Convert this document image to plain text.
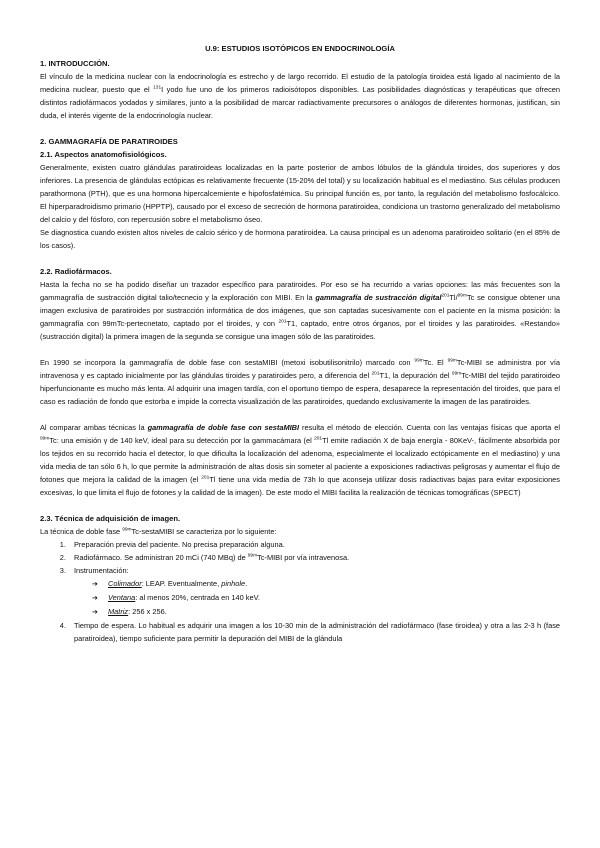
U.9: ESTUDIOS ISOTÓPICOS EN ENDOCRINOLOGÍA
1. INTRODUCCIÓN.

El vínculo de la medicina nuclear con la endocrinología es estrecho y de largo recorrido. El estudio de la patología tiroidea está ligado al nacimiento de la medicina nuclear, puesto que el $^{131}$I yodo fue uno de los primeros radioisótopos disponibles. Las posibilidades diagnósticas y terapéuticas que ofrecen distintos radiofármacos yodados y similares, junto a la posibilidad de marcar radiactivamente precursores o análogos de diferentes hormonas, justifican, sin duda, el interés vigente de la endocrinología nuclear.

2. GAMMAGRAFÍA DE PARATIROIDES
2.1. Aspectos anatomofisiológicos.

Generalmente, existen cuatro glándulas paratiroideas localizadas en la parte posterior de ambos lóbulos de la glándula tiroides, dos superiores y dos inferiores. La presencia de glándulas ectópicas es relativamente frecuente (15-20% del total) y su localización habitual es el mediastino. Sus células producen parathormona (PTH), que es una hormona hipercalcemiente e hipofosfatémica. Su principal función es, por tanto, la regulación del metabolismo fosfocálcico. El hiperparadroidismo primario (HPPTP), causado por el exceso de secreción de hormona paratiroidea, condiciona un trastorno generalizado del metabolismo del calcio y del fósforo, con repercusión sobre el metabolismo óseo.

Se diagnostica cuando existen altos niveles de calcio sérico y de hormona paratiroidea. La causa principal es un adenoma paratiroideo solitario (en el 85% de los casos).

2.2. Radiofármacos.

Hasta la fecha no se ha podido diseñar un trazador específico para paratiroides. Por eso se ha recurrido a varias opciones: las más frecuentes son la gammagrafía de sustracción digital talio/tecnecio y la exploración con MIBI. En la gammagrafía de sustracción digital$^{201}$Tl/$^{99m}$Tc se consigue obtener una imagen exclusiva de paratiroides por sustracción informática de dos imágenes, que son captadas sucesivamente con el paciente en la misma posición: la gammagrafía con 99mTc-pertecnetato, captado por el tiroides, y con $^{201}$T1, captado, entre otros órganos, por el tiroides y las paratiroides. «Restando» (sustracción digital) la primera imagen de la segunda se consigue una imagen sólo de las paratiroides.

En 1990 se incorpora la gammagrafía de doble fase con sestaMIBI (metoxi isobutilisonitrilo) marcado con $^{99m}$Tc. El $^{99m}$Tc-MIBI se administra por vía intravenosa y es captado inicialmente por las glándulas tiroides y paratiroides pero, a diferencia del $^{201}$T1, la depuración del $^{99m}$Tc-MIBI del tejido paratiroideo hiperfuncionante es mucho más lenta. Al adquirir una imagen tardía, con el oportuno tiempo de espera, desaparece la representación del tiroides, que para el caso es radiación de fondo que estorba e impide la correcta visualización de las paratiroides, quedando exclusivamente la imagen de las paratiroides.

Al comparar ambas técnicas la gammagrafía de doble fase con sestaMIBI resulta el método de elección. Cuenta con las ventajas físicas que aporta el $^{99m}$Tc: una emisión γ de 140 keV, ideal para su detección por la gammacámara (el $^{201}$Tl emite radiación X de baja energía - 80KeV-, fácilmente absorbida por los tejidos en su recorrido hacia el detector, lo que dificulta la localización del adenoma, especialmente el localizado ectópicamente en el mediastino) y una vida media de tan sólo 6 h, lo que permite la administración de altas dosis sin someter al paciente a exposiciones radiactivas peligrosas y aumentar el flujo de fotones que mejora la calidad de la imagen (el $^{201}$Tl tiene una vida media de 73h lo que aconseja utilizar dosis radiactivas bajas para evitar exposiciones excesivas, lo que limita el flujo de fotones y la calidad de la imagen). De este modo el MIBI facilita la realización de técnicas tomográficas (SPECT)

2.3. Técnica de adquisición de imagen.

La técnica de doble fase $^{99m}$Tc-sestaMIBI se caracteriza por lo siguiente:

1. Preparación previa del paciente. No precisa preparación alguna.
2. Radiofármaco. Se administran 20 mCi (740 MBq) de $^{99m}$Tc-MIBI por vía intravenosa.
3. Instrumentación:
➔ Colimador: LEAP. Eventualmente, pinhole.
➔ Ventana: al menos 20%, centrada en 140 keV.
➔ Matriz: 256 x 256.
4. Tiempo de espera. Lo habitual es adquirir una imagen a los 10-30 min de la administración del radiofármaco (fase tiroidea) y otra a las 2-3 h (fase paratiroidea), tiempo suficiente para permitir la depuración del MIBI de la glándula
